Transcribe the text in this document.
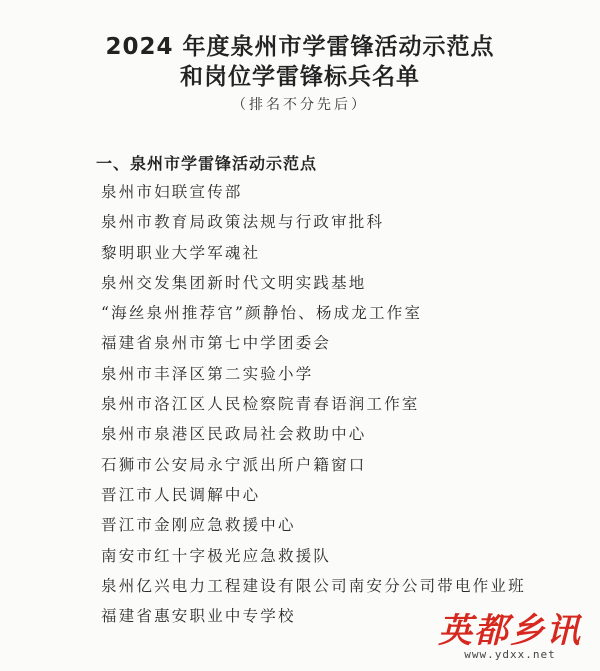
2024 年度泉州市学雷锋活动示范点
和岗位学雷锋标兵名单
（排名不分先后）
一、泉州市学雷锋活动示范点
泉州市妇联宣传部
泉州市教育局政策法规与行政审批科
黎明职业大学军魂社
泉州交发集团新时代文明实践基地
“海丝泉州推荐官”颜静怡、杨成龙工作室
福建省泉州市第七中学团委会
泉州市丰泽区第二实验小学
泉州市洛江区人民检察院青春语润工作室
泉州市泉港区民政局社会救助中心
石狮市公安局永宁派出所户籍窗口
晋江市人民调解中心
晋江市金刚应急救援中心
南安市红十字极光应急救援队
泉州亿兴电力工程建设有限公司南安分公司带电作业班
福建省惠安职业中专学校	英都乡讯
www.ydxx.net
